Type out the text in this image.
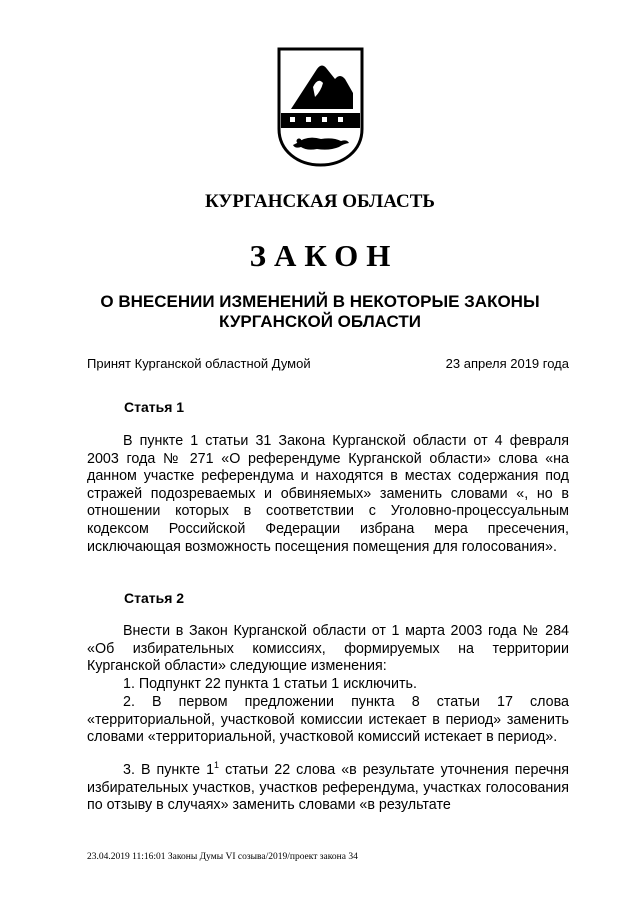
КУРГАНСКАЯ ОБЛАСТЬ
ЗАКОН
О ВНЕСЕНИИ ИЗМЕНЕНИЙ В НЕКОТОРЫЕ ЗАКОНЫ
КУРГАНСКОЙ ОБЛАСТИ
Принят Курганской областной Думой	23 апреля 2019 года
Статья 1

В пункте 1 статьи 31 Закона Курганской области от 4 февраля 2003 года № 271 «О референдуме Курганской области» слова «на данном участке референдума и находятся в местах содержания под стражей подозреваемых и обвиняемых» заменить словами «, но в отношении которых в соответствии с Уголовно-процессуальным кодексом Российской Федерации избрана мера пресечения, исключающая возможность посещения помещения для голосования».

Статья 2

Внести в Закон Курганской области от 1 марта 2003 года № 284 «Об избирательных комиссиях, формируемых на территории Курганской области» следующие изменения:

1. Подпункт 22 пункта 1 статьи 1 исключить.

2. В первом предложении пункта 8 статьи 17 слова «территориальной, участковой комиссии истекает в период» заменить словами «территориальной, участковой комиссий истекает в период».

3. В пункте $1^1$ статьи 22 слова «в результате уточнения перечня избирательных участков, участков референдума, участках голосования по отзыву в случаях» заменить словами «в результате

23.04.2019 11:16:01 Законы Думы VI созыва/2019/проект закона 34
